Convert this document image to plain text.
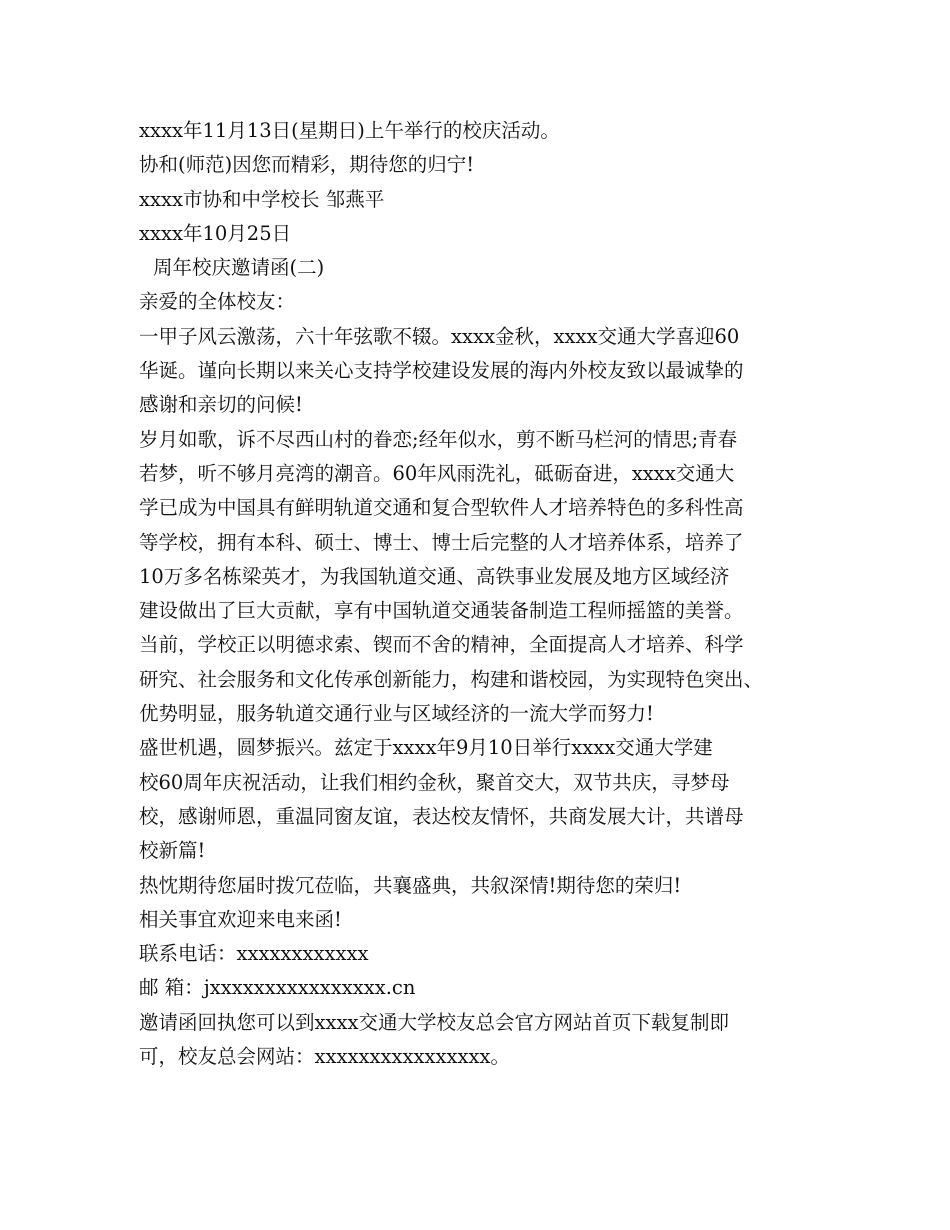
xxxx年11月13日(星期日)上午举行的校庆活动。
协和(师范)因您而精彩，期待您的归宁!
xxxx市协和中学校长 邹燕平
xxxx年10月25日
周年校庆邀请函(二)
亲爱的全体校友：
一甲子风云激荡，六十年弦歌不辍。xxxx金秋，xxxx交通大学喜迎60
华诞。谨向长期以来关心支持学校建设发展的海内外校友致以最诚挚的
感谢和亲切的问候!
岁月如歌，诉不尽西山村的眷恋;经年似水，剪不断马栏河的情思;青春
若梦，听不够月亮湾的潮音。60年风雨洗礼，砥砺奋进，xxxx交通大
学已成为中国具有鲜明轨道交通和复合型软件人才培养特色的多科性高
等学校，拥有本科、硕士、博士、博士后完整的人才培养体系，培养了
10万多名栋梁英才，为我国轨道交通、高铁事业发展及地方区域经济
建设做出了巨大贡献，享有中国轨道交通装备制造工程师摇篮的美誉。
当前，学校正以明德求索、锲而不舍的精神，全面提高人才培养、科学
研究、社会服务和文化传承创新能力，构建和谐校园，为实现特色突出、
优势明显，服务轨道交通行业与区域经济的一流大学而努力!
盛世机遇，圆梦振兴。兹定于xxxx年9月10日举行xxxx交通大学建
校60周年庆祝活动，让我们相约金秋，聚首交大，双节共庆，寻梦母
校，感谢师恩，重温同窗友谊，表达校友情怀，共商发展大计，共谱母
校新篇!
热忱期待您届时拨冗莅临，共襄盛典，共叙深情!期待您的荣归!
相关事宜欢迎来电来函!
联系电话：xxxxxxxxxxxx
邮 箱：jxxxxxxxxxxxxxxxx.cn
邀请函回执您可以到xxxx交通大学校友总会官方网站首页下载复制即
可，校友总会网站：xxxxxxxxxxxxxxxx。
